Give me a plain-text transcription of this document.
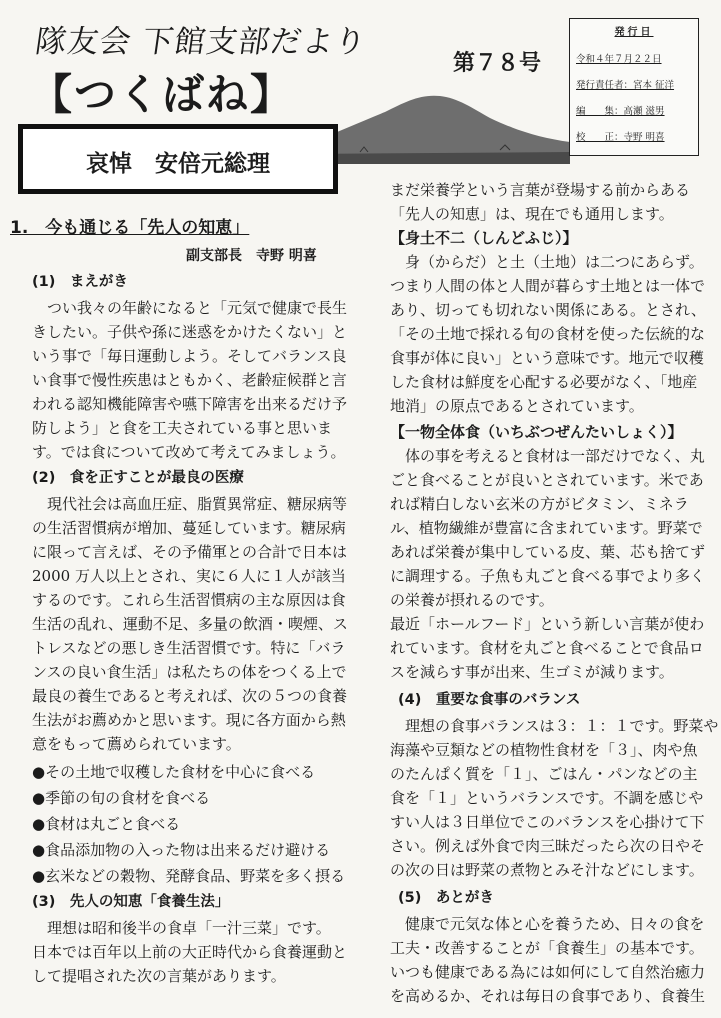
隊友会 下館支部だより
【つくばね】
第７８号
発行日
令和４年７月２２日
発行責任者：宮本 征洋
編　　集：高瀬 滋男
校　　正：寺野 明喜
哀悼　安倍元総理
1.　今も通じる「先人の知恵」
副支部長　寺野 明喜
(1)　まえがき
　つい我々の年齢になると「元気で健康で長生
きしたい。子供や孫に迷惑をかけたくない」と
いう事で「毎日運動しよう。そしてバランス良
い食事で慢性疾患はともかく、老齢症候群と言
われる認知機能障害や嚥下障害を出来るだけ予
防しよう」と食を工夫されている事と思いま
す。では食について改めて考えてみましょう。
(2)　食を正すことが最良の医療
　現代社会は高血圧症、脂質異常症、糖尿病等
の生活習慣病が増加、蔓延しています。糖尿病
に限って言えば、その予備軍との合計で日本は
2000 万人以上とされ、実に６人に１人が該当
するのです。これら生活習慣病の主な原因は食
生活の乱れ、運動不足、多量の飲酒・喫煙、ス
トレスなどの悪しき生活習慣です。特に「バラ
ンスの良い食生活」は私たちの体をつくる上で
最良の養生であると考えれば、次の５つの食養
生法がお薦めかと思います。現に各方面から熱
意をもって薦められています。
● その土地で収穫した食材を中心に食べる
● 季節の旬の食材を食べる
● 食材は丸ごと食べる
● 食品添加物の入った物は出来るだけ避ける
● 玄米などの穀物、発酵食品、野菜を多く摂る
(3)　先人の知恵「食養生法」
　理想は昭和後半の食卓「一汁三菜」です。
日本では百年以上前の大正時代から食養運動と
して提唱された次の言葉があります。
まだ栄養学という言葉が登場する前からある
「先人の知恵」は、現在でも通用します。
【身土不二（しんどふじ）】
　身（からだ）と土（土地）は二つにあらず。
つまり人間の体と人間が暮らす土地とは一体で
あり、切っても切れない関係にある。とされ、
「その土地で採れる旬の食材を使った伝統的な
食事が体に良い」という意味です。地元で収穫
した食材は鮮度を心配する必要がなく、「地産
地消」の原点であるとされています。
【一物全体食（いちぶつぜんたいしょく）】
　体の事を考えると食材は一部だけでなく、丸
ごと食べることが良いとされています。米であ
れば精白しない玄米の方がビタミン、ミネラ
ル、植物繊維が豊富に含まれています。野菜で
あれば栄養が集中している皮、葉、芯も捨てず
に調理する。子魚も丸ごと食べる事でより多く
の栄養が摂れるのです。
最近「ホールフード」という新しい言葉が使わ
れています。食材を丸ごと食べることで食品ロ
スを減らす事が出来、生ゴミが減ります。
(4)　重要な食事のバランス
　理想の食事バランスは３：１：１です。野菜や
海藻や豆類などの植物性食材を「３」、肉や魚
のたんぱく質を「１」、ごはん・パンなどの主
食を「１」というバランスです。不調を感じや
すい人は３日単位でこのバランスを心掛けて下
さい。例えば外食で肉三昧だったら次の日やそ
の次の日は野菜の煮物とみそ汁などにします。
(5)　あとがき
　健康で元気な体と心を養うため、日々の食を
工夫・改善することが「食養生」の基本です。
いつも健康である為には如何にして自然治癒力
を高めるか、それは毎日の食事であり、食養生
